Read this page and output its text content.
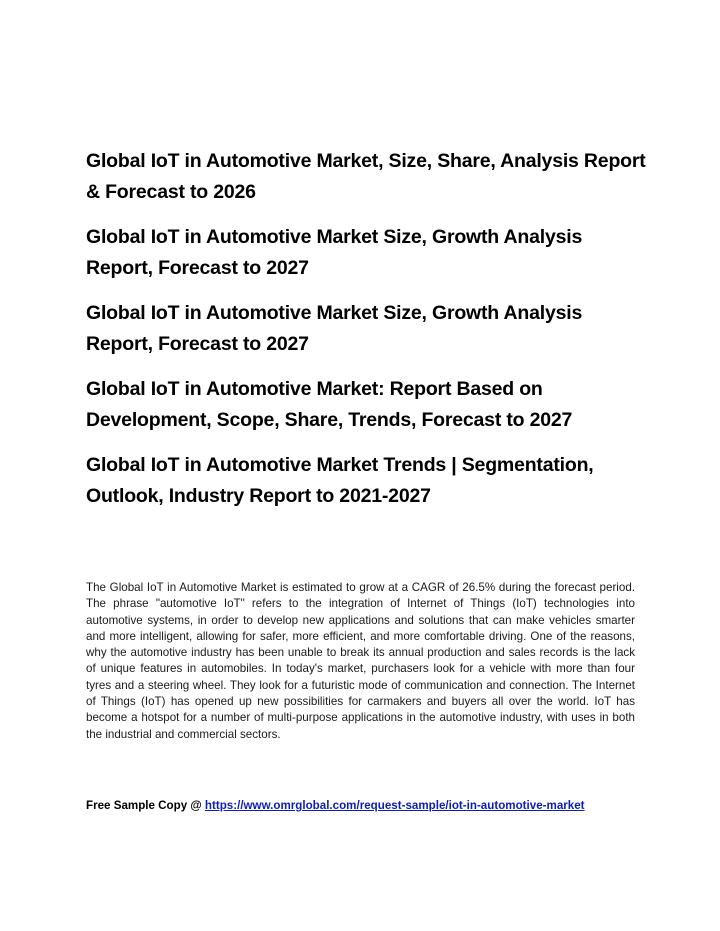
Global IoT in Automotive Market, Size, Share, Analysis Report & Forecast to 2026
Global IoT in Automotive Market Size, Growth Analysis Report, Forecast to 2027
Global IoT in Automotive Market Size, Growth Analysis Report, Forecast to 2027
Global IoT in Automotive Market: Report Based on Development, Scope, Share, Trends, Forecast to 2027
Global IoT in Automotive Market Trends | Segmentation, Outlook, Industry Report to 2021-2027

The Global IoT in Automotive Market is estimated to grow at a CAGR of 26.5% during the forecast period. The phrase "automotive IoT" refers to the integration of Internet of Things (IoT) technologies into automotive systems, in order to develop new applications and solutions that can make vehicles smarter and more intelligent, allowing for safer, more efficient, and more comfortable driving. One of the reasons, why the automotive industry has been unable to break its annual production and sales records is the lack of unique features in automobiles. In today's market, purchasers look for a vehicle with more than four tyres and a steering wheel. They look for a futuristic mode of communication and connection. The Internet of Things (IoT) has opened up new possibilities for carmakers and buyers all over the world. IoT has become a hotspot for a number of multi-purpose applications in the automotive industry, with uses in both the industrial and commercial sectors.

Free Sample Copy @ https://www.omrglobal.com/request-sample/iot-in-automotive-market
